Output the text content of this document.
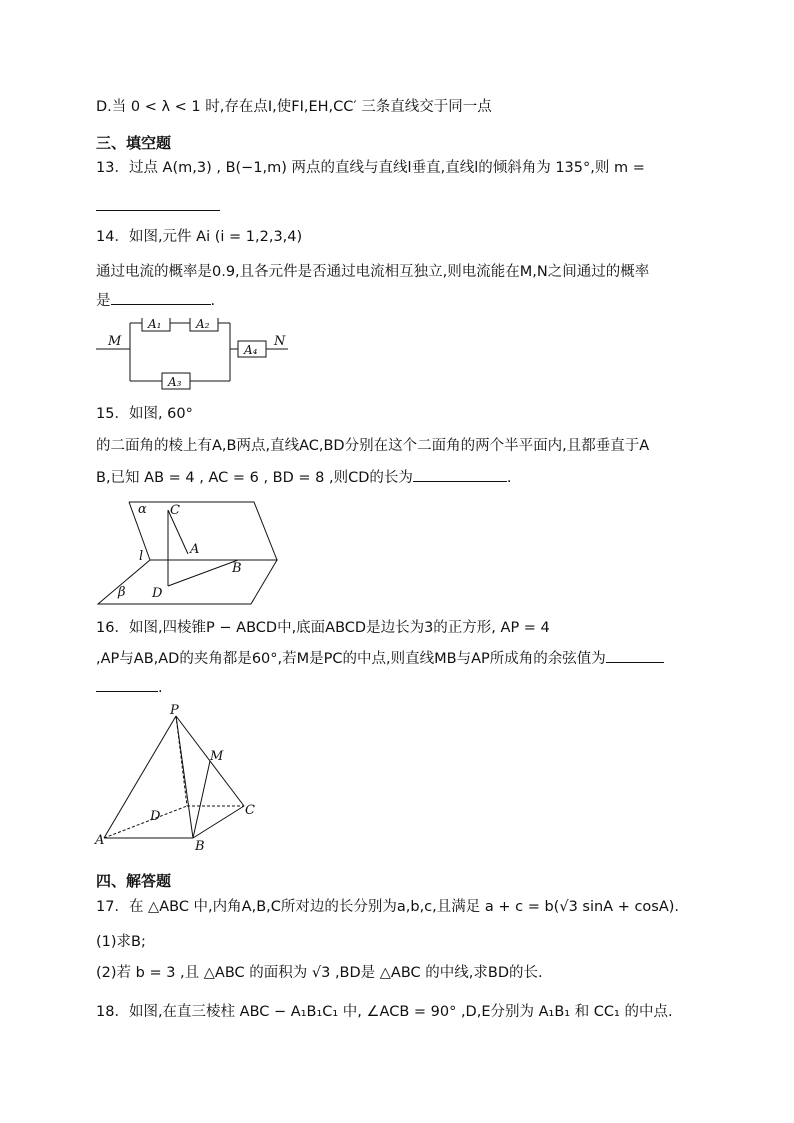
D.当 0 < λ < 1 时,存在点I,使FI,EH,CC′ 三条直线交于同一点
三、填空题
13．过点 A(m,3) , B(−1,m) 两点的直线与直线l垂直,直线l的倾斜角为 135°,则 m =
14．如图,元件 Ai (i = 1,2,3,4)
通过电流的概率是0.9,且各元件是否通过电流相互独立,则电流能在M,N之间通过的概率
是	.
M
A₁	A₂
A₃
A₄
N
15．如图, 60°
的二面角的棱上有A,B两点,直线AC,BD分别在这个二面角的两个半平面内,且都垂直于A
B,已知 AB = 4 , AC = 6 , BD = 8 ,则CD的长为	.
α C
l	A
B
β D
16．如图,四棱锥P − ABCD中,底面ABCD是边长为3的正方形, AP = 4
,AP与AB,AD的夹角都是60°,若M是PC的中点,则直线MB与AP所成角的余弦值为
.
P
M
D	C
A	B
四、解答题
17．在 △ABC 中,内角A,B,C所对边的长分别为a,b,c,且满足 a + c = b(√3 sinA + cosA).
(1)求B;
(2)若 b = 3 ,且 △ABC 的面积为 √3 ,BD是 △ABC 的中线,求BD的长.
18．如图,在直三棱柱 ABC − A₁B₁C₁ 中, ∠ACB = 90° ,D,E分别为 A₁B₁ 和 CC₁ 的中点.
